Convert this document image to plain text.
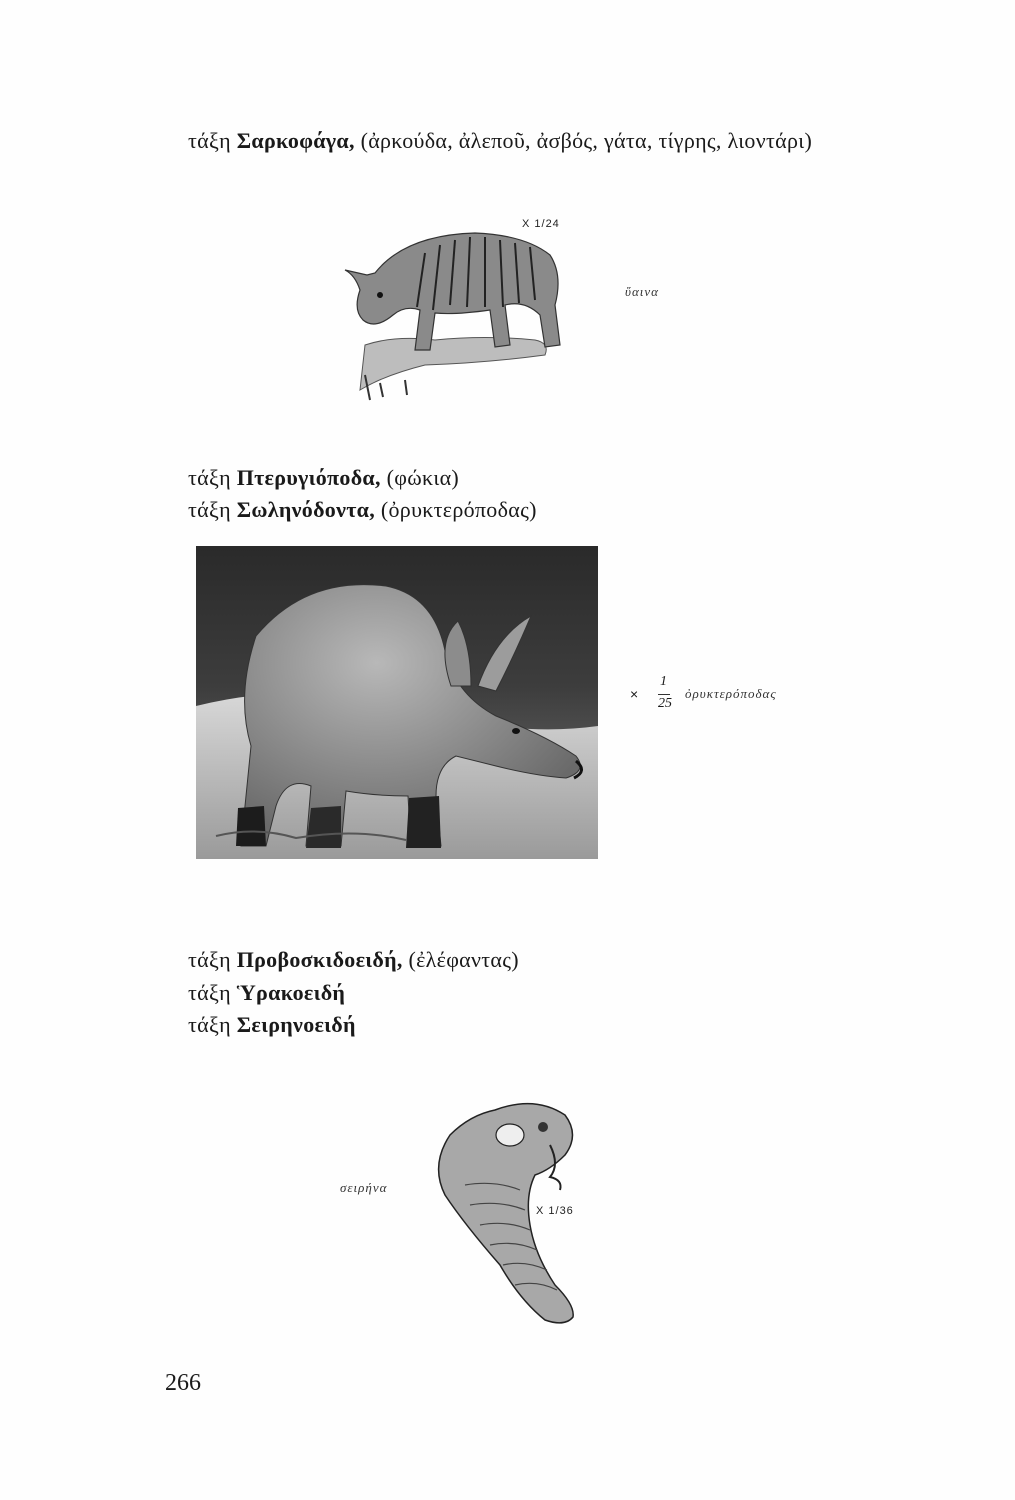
τάξη Σαρκοφάγα, (ἀρκούδα, ἀλεποῦ, ἀσβός, γάτα, τίγρης, λιοντάρι)
X 1/24
ὕαινα
τάξη Πτερυγιόποδα, (φώκια)
τάξη Σωληνόδοντα, (ὀρυκτερόποδας)
×
1
25
ὀρυκτερόποδας
τάξη Προβοσκιδοειδή, (ἐλέφαντας)
τάξη Ὑρακοειδή
τάξη Σειρηνοειδή
σειρήνα
X 1/36
266
